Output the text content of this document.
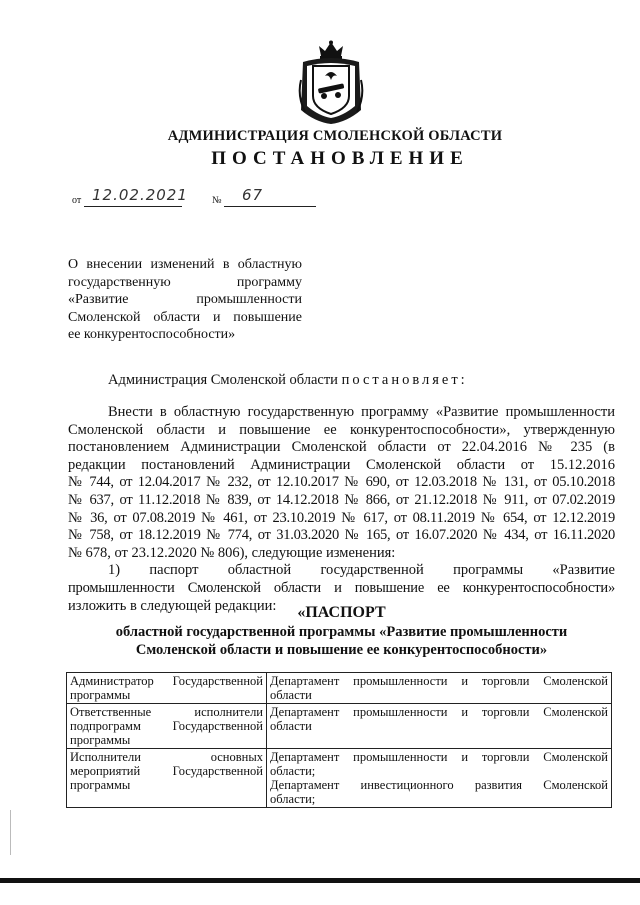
АДМИНИСТРАЦИЯ СМОЛЕНСКОЙ ОБЛАСТИ
ПОСТАНОВЛЕНИЕ
от 12.02.2021 № 67
О внесении изменений в областную
государственную программу
«Развитие промышленности
Смоленской области и повышение
ее конкурентоспособности»
Администрация Смоленской области постановляет:
Внести в областную государственную программу «Развитие промышленности
Смоленской области и повышение ее конкурентоспособности», утвержденную
постановлением Администрации Смоленской области от 22.04.2016 № 235 (в
редакции постановлений Администрации Смоленской области от 15.12.2016
№ 744, от 12.04.2017 № 232, от 12.10.2017 № 690, от 12.03.2018 № 131, от 05.10.2018
№ 637, от 11.12.2018 № 839, от 14.12.2018 № 866, от 21.12.2018 № 911, от 07.02.2019
№ 36, от 07.08.2019 № 461, от 23.10.2019 № 617, от 08.11.2019 № 654, от 12.12.2019
№ 758, от 18.12.2019 № 774, от 31.03.2020 № 165, от 16.07.2020 № 434, от 16.11.2020
№ 678, от 23.12.2020 № 806), следующие изменения:
1) паспорт областной государственной программы «Развитие
промышленности Смоленской области и повышение ее конкурентоспособности»
изложить в следующей редакции:	«ПАСПОРТ
областной государственной программы «Развитие промышленности
Смоленской области и повышение ее конкурентоспособности»
Администратор Государственной
программы	Департамент промышленности и торговли Смоленской
области

Ответственные исполнители
подпрограмм Государственной
программы	Департамент промышленности и торговли Смоленской
области

Исполнители основных
мероприятий Государственной
программы	Департамент промышленности и торговли Смоленской
области;
Департамент инвестиционного развития Смоленской
области;
